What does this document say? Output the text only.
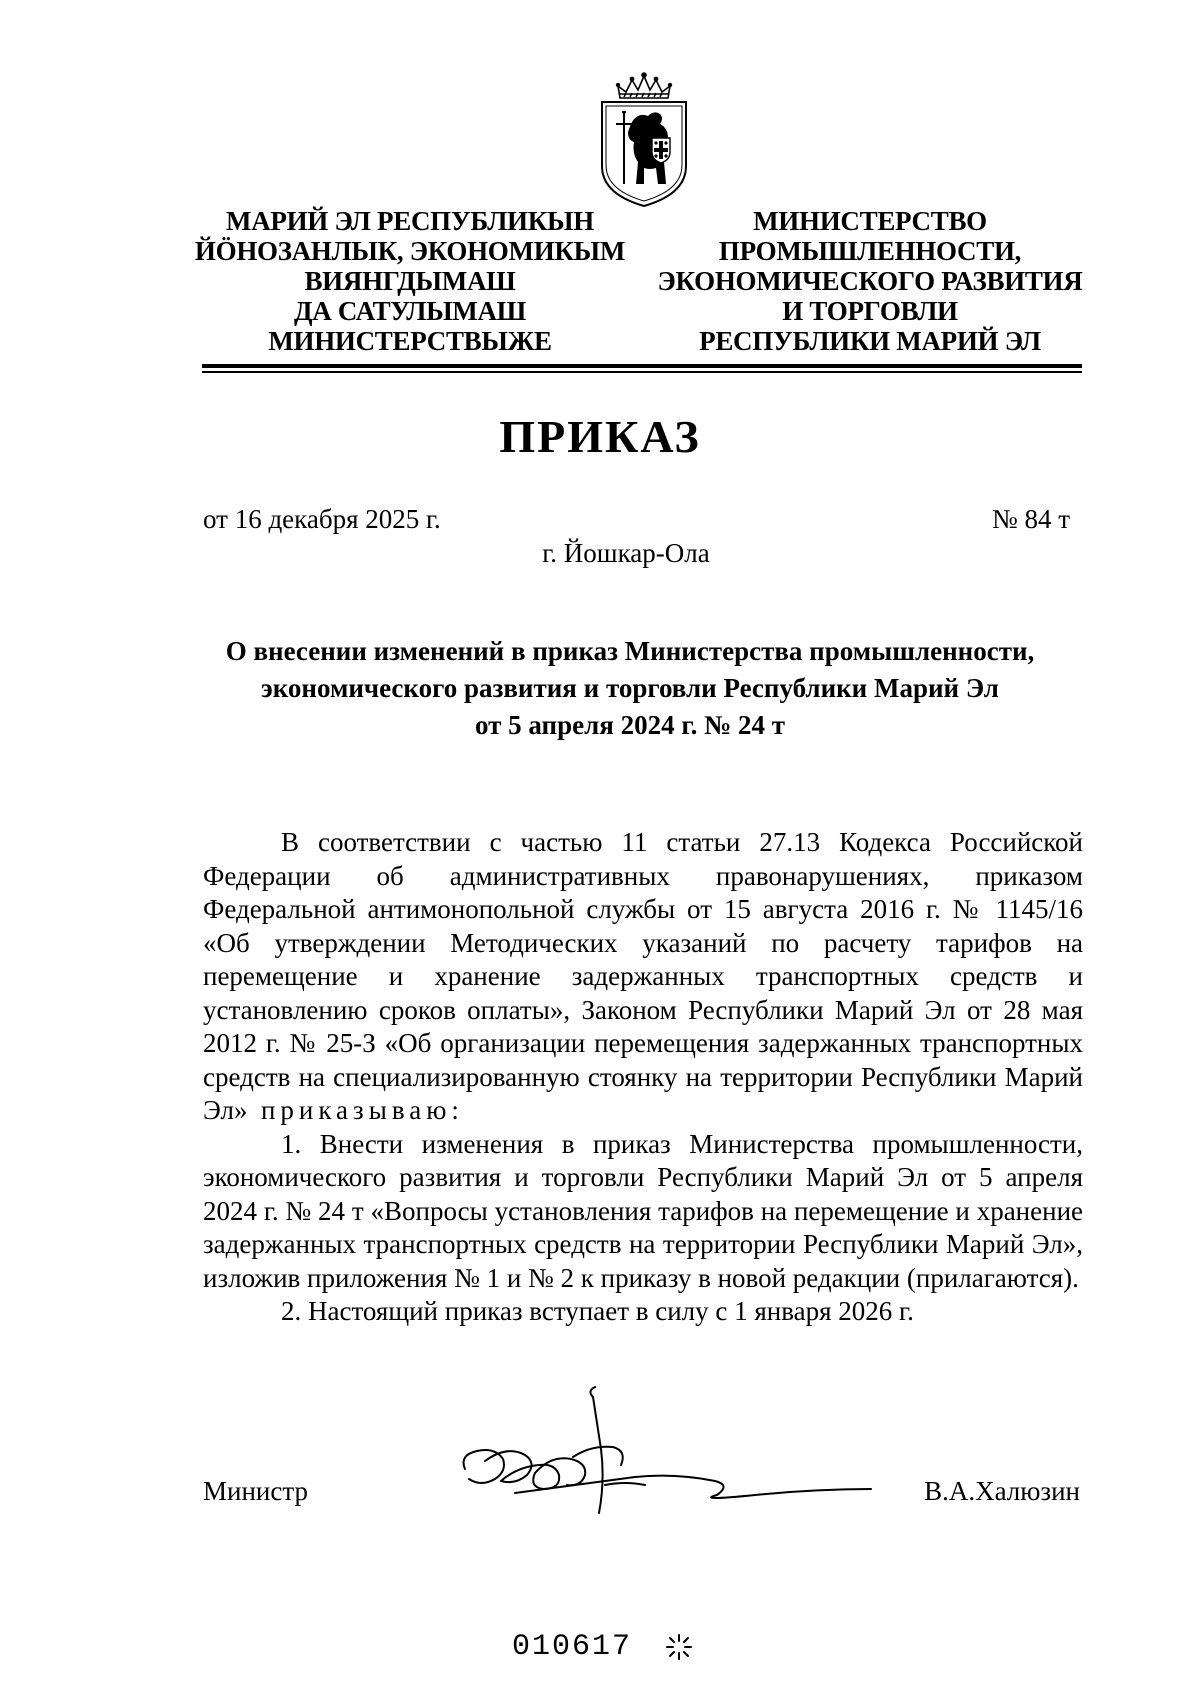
МАРИЙ ЭЛ РЕСПУБЛИКЫН
ЙӦНОЗАНЛЫК, ЭКОНОМИКЫМ
ВИЯНГДЫМАШ
ДА САТУЛЫМАШ
МИНИСТЕРСТВЫЖЕ
МИНИСТЕРСТВО
ПРОМЫШЛЕННОСТИ,
ЭКОНОМИЧЕСКОГО РАЗВИТИЯ
И ТОРГОВЛИ
РЕСПУБЛИКИ МАРИЙ ЭЛ
ПРИКАЗ
от 16 декабря 2025 г.	№ 84 т
г. Йошкар-Ола
О внесении изменений в приказ Министерства промышленности,
экономического развития и торговли Республики Марий Эл
от 5 апреля 2024 г. № 24 т

В соответствии с частью 11 статьи 27.13 Кодекса Российской Федерации об административных правонарушениях, приказом Федеральной антимонопольной службы от 15 августа 2016 г. № 1145/16 «Об утверждении Методических указаний по расчету тарифов на перемещение и хранение задержанных транспортных средств и установлению сроков оплаты», Законом Республики Марий Эл от 28 мая 2012 г. № 25-З «Об организации перемещения задержанных транспортных средств на специализированную стоянку на территории Республики Марий Эл» приказываю:

1. Внести изменения в приказ Министерства промышленности, экономического развития и торговли Республики Марий Эл от 5 апреля 2024 г. № 24 т «Вопросы установления тарифов на перемещение и хранение задержанных транспортных средств на территории Республики Марий Эл», изложив приложения № 1 и № 2 к приказу в новой редакции (прилагаются).

2. Настоящий приказ вступает в силу с 1 января 2026 г.

Министр	В.А.Халюзин
010617
